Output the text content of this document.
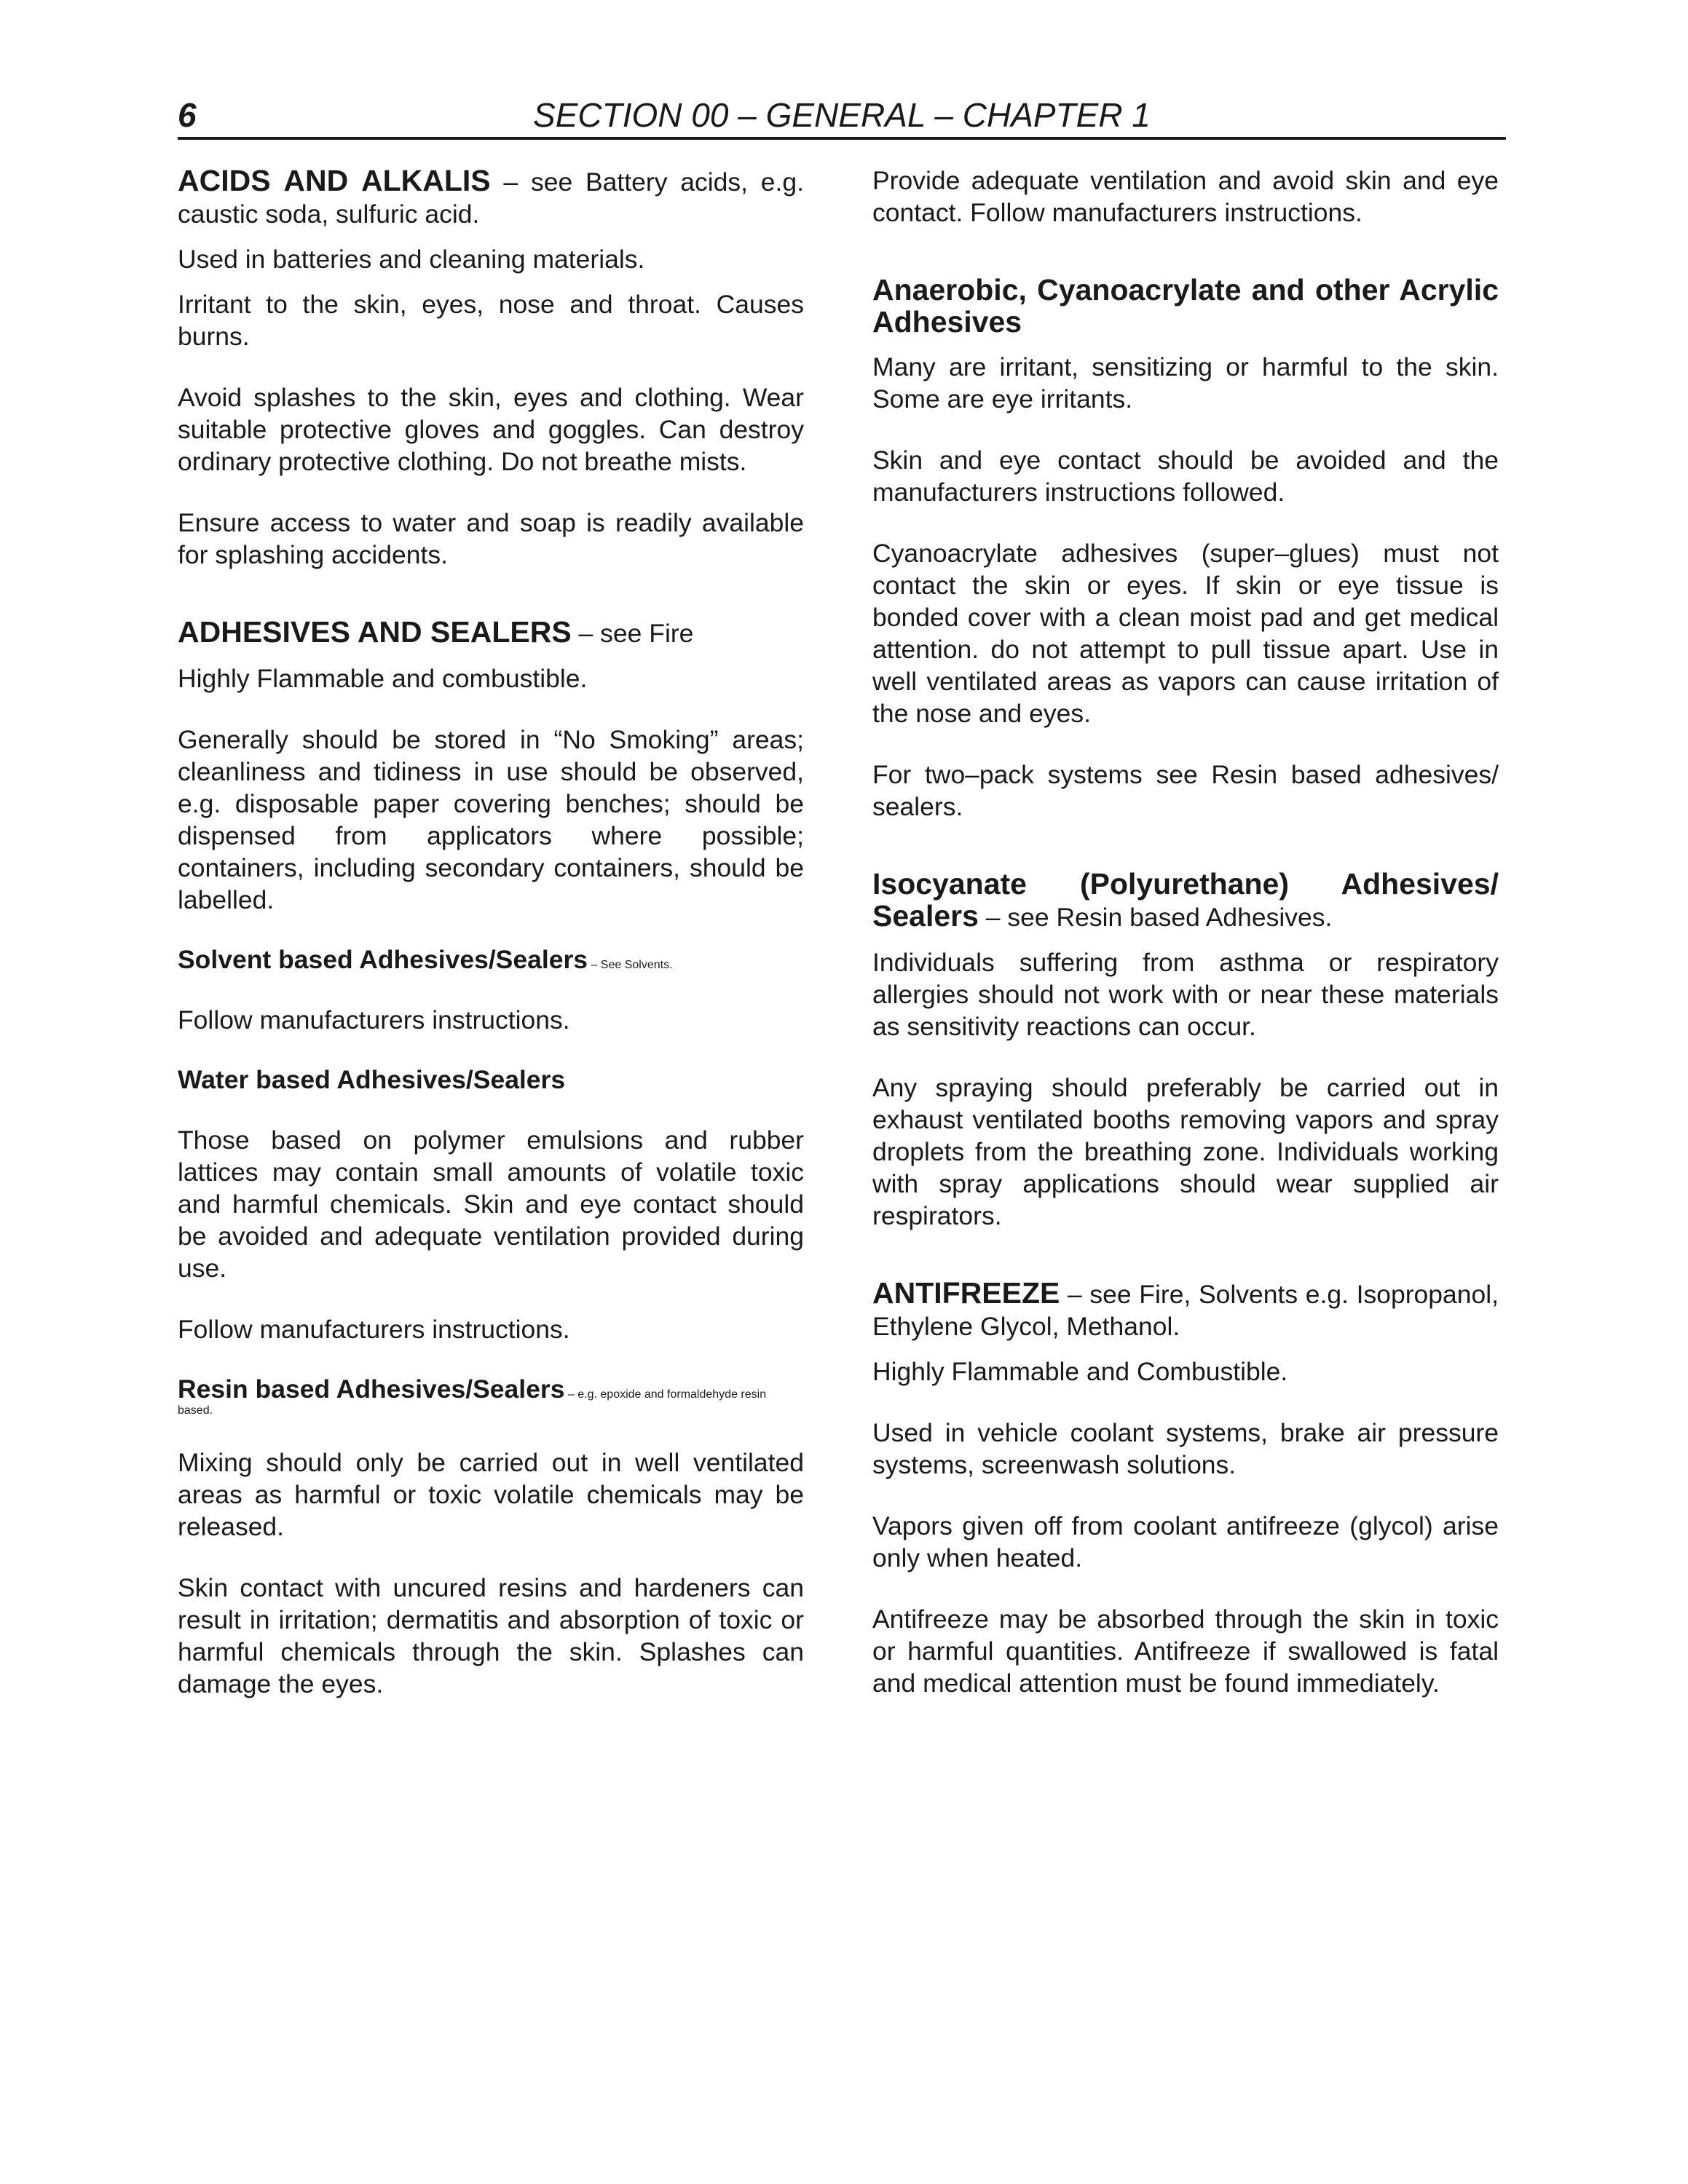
6	SECTION 00 – GENERAL – CHAPTER 1

ACIDS AND ALKALIS – see Battery acids, e.g. caustic soda, sulfuric acid.

Used in batteries and cleaning materials.

Irritant to the skin, eyes, nose and throat. Causes burns.

Avoid splashes to the skin, eyes and clothing. Wear suitable protective gloves and goggles. Can destroy ordinary protective clothing. Do not breathe mists.

Ensure access to water and soap is readily available for splashing accidents.

ADHESIVES AND SEALERS – see Fire

Highly Flammable and combustible.

Generally should be stored in “No Smoking” areas; cleanliness and tidiness in use should be observed, e.g. disposable paper covering benches; should be dispensed from applicators where possible; containers, including secondary containers, should be labelled.

Solvent based Adhesives/Sealers – See Solvents.

Follow manufacturers instructions.

Water based Adhesives/Sealers

Those based on polymer emulsions and rubber lattices may contain small amounts of volatile toxic and harmful chemicals. Skin and eye contact should be avoided and adequate ventilation provided during use.

Follow manufacturers instructions.

Resin based Adhesives/Sealers – e.g. epoxide and formaldehyde resin based.

Mixing should only be carried out in well ventilated areas as harmful or toxic volatile chemicals may be released.

Skin contact with uncured resins and hardeners can result in irritation; dermatitis and absorption of toxic or harmful chemicals through the skin. Splashes can damage the eyes.

Provide adequate ventilation and avoid skin and eye contact. Follow manufacturers instructions.

Anaerobic, Cyanoacrylate and other Acrylic Adhesives

Many are irritant, sensitizing or harmful to the skin. Some are eye irritants.

Skin and eye contact should be avoided and the manufacturers instructions followed.

Cyanoacrylate adhesives (super–glues) must not contact the skin or eyes. If skin or eye tissue is bonded cover with a clean moist pad and get medical attention. do not attempt to pull tissue apart. Use in well ventilated areas as vapors can cause irritation of the nose and eyes.

For two–pack systems see Resin based adhesives/ sealers.

Isocyanate (Polyurethane) Adhesives/
Sealers – see Resin based Adhesives.

Individuals suffering from asthma or respiratory allergies should not work with or near these materials as sensitivity reactions can occur.

Any spraying should preferably be carried out in exhaust ventilated booths removing vapors and spray droplets from the breathing zone. Individuals working with spray applications should wear supplied air respirators.

ANTIFREEZE – see Fire, Solvents e.g. Isopropanol, Ethylene Glycol, Methanol.

Highly Flammable and Combustible.

Used in vehicle coolant systems, brake air pressure systems, screenwash solutions.

Vapors given off from coolant antifreeze (glycol) arise only when heated.

Antifreeze may be absorbed through the skin in toxic or harmful quantities. Antifreeze if swallowed is fatal and medical attention must be found immediately.
